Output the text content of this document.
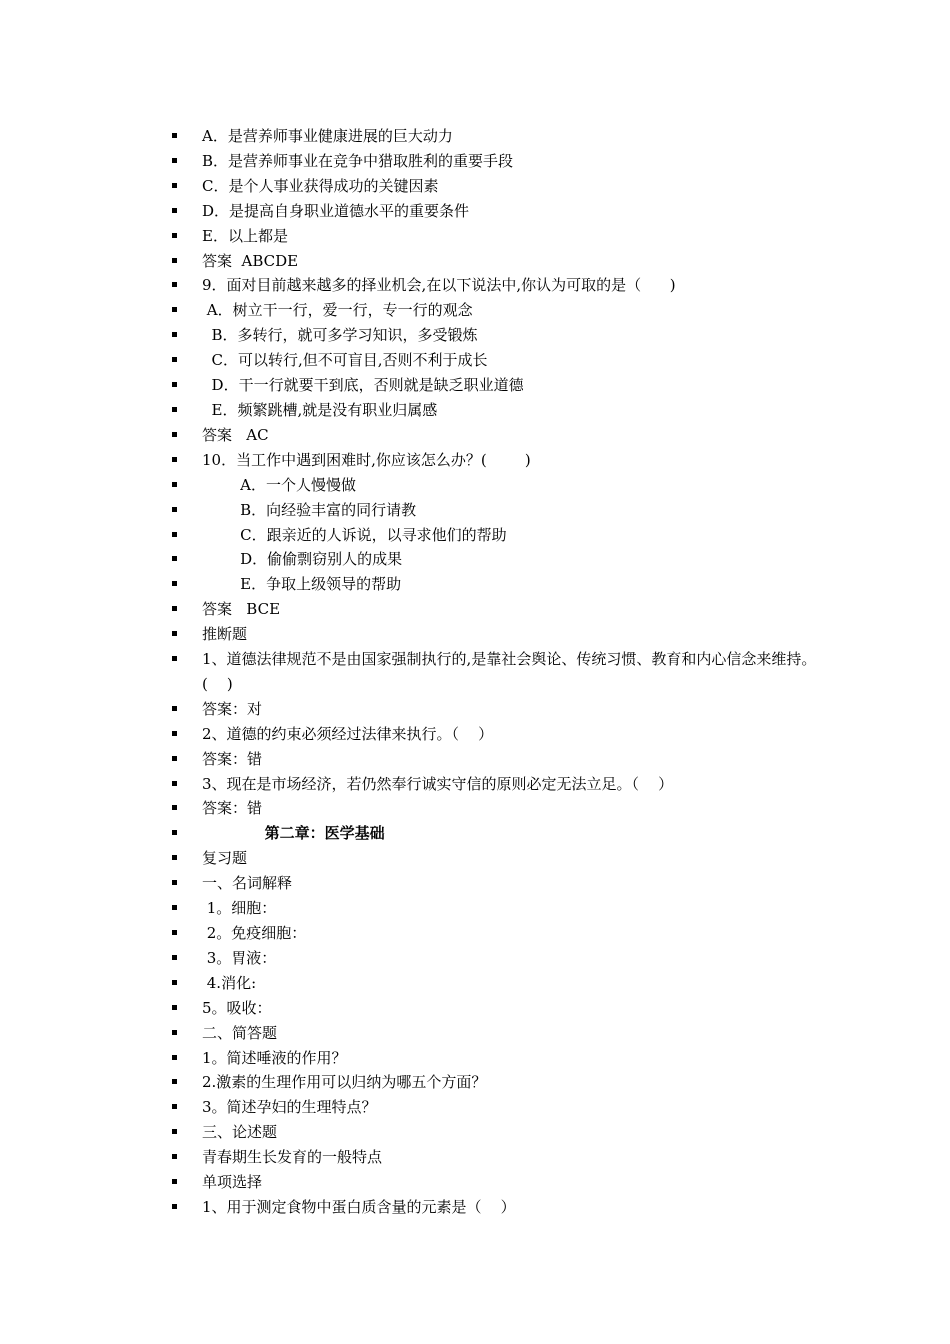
A．是营养师事业健康进展的巨大动力
B．是营养师事业在竞争中猎取胜利的重要手段
C．是个人事业获得成功的关键因素
D．是提高自身职业道德水平的重要条件
E．以上都是
答案  ABCDE
9．面对目前越来越多的择业机会,在以下说法中,你认为可取的是（      )
A．树立干一行，爱一行，专一行的观念
B．多转行，就可多学习知识，多受锻炼
C．可以转行,但不可盲目,否则不利于成长
D．干一行就要干到底，否则就是缺乏职业道德
E．频繁跳槽,就是没有职业归属感
答案   AC
10．当工作中遇到困难时,你应该怎么办？(        )
A．一个人慢慢做
B．向经验丰富的同行请教
C．跟亲近的人诉说，以寻求他们的帮助
D．偷偷剽窃别人的成果
E．争取上级领导的帮助
答案   BCE
推断题
1、道德法律规范不是由国家强制执行的,是靠社会舆论、传统习惯、教育和内心信念来维持。(    )
答案：对
2、道德的约束必须经过法律来执行。（    ）
答案：错
3、现在是市场经济，若仍然奉行诚实守信的原则必定无法立足。（    ）
答案：错
第二章：医学基础
复习题
一、名词解释
1。细胞：
2。免疫细胞：
3。胃液：
4.消化:
5。吸收：
二、简答题
1。简述唾液的作用？
2.激素的生理作用可以归纳为哪五个方面？
3。简述孕妇的生理特点？
三、论述题
青春期生长发育的一般特点
单项选择
1、用于测定食物中蛋白质含量的元素是（    ）
